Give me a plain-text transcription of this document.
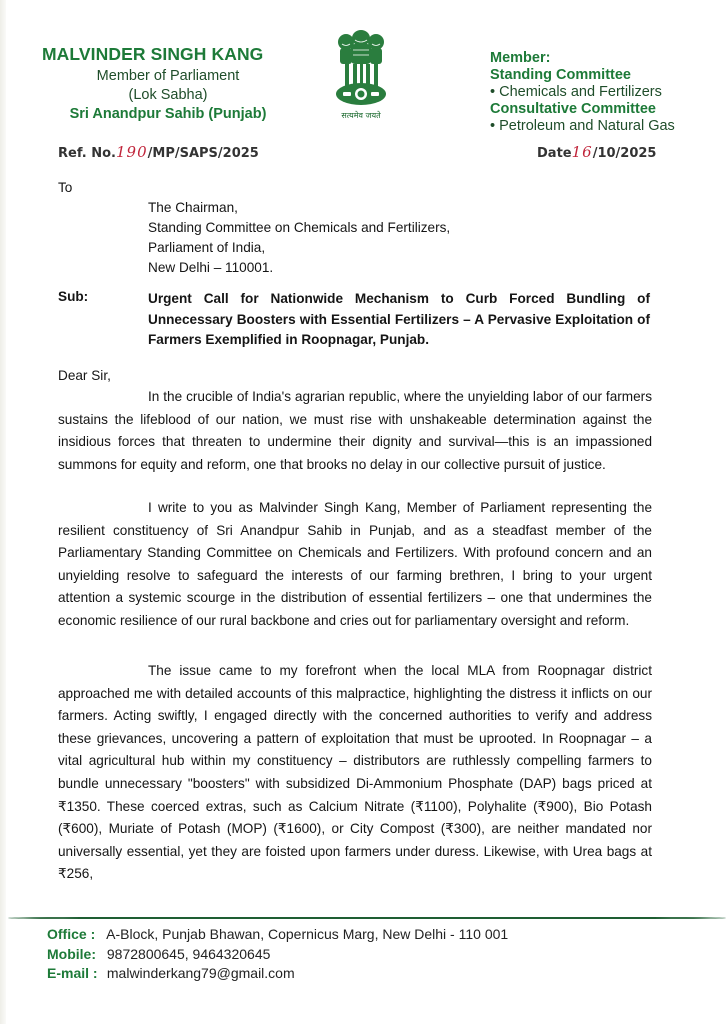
MALVINDER SINGH KANG
Member of Parliament
(Lok Sabha)
Sri Anandpur Sahib (Punjab)	सत्यमेव जयते
Member:
Standing Committee
• Chemicals and Fertilizers
Consultative Committee
• Petroleum and Natural Gas
Ref. No.190/MP/SAPS/2025	Date16/10/2025
To
The Chairman,
Standing Committee on Chemicals and Fertilizers,
Parliament of India,
New Delhi – 110001.
Sub:	Urgent Call for Nationwide Mechanism to Curb Forced Bundling of Unnecessary Boosters with Essential Fertilizers – A Pervasive Exploitation of Farmers Exemplified in Roopnagar, Punjab.
Dear Sir,
In the crucible of India's agrarian republic, where the unyielding labor of our farmers sustains the lifeblood of our nation, we must rise with unshakeable determination against the insidious forces that threaten to undermine their dignity and survival—this is an impassioned summons for equity and reform, one that brooks no delay in our collective pursuit of justice.
I write to you as Malvinder Singh Kang, Member of Parliament representing the resilient constituency of Sri Anandpur Sahib in Punjab, and as a steadfast member of the Parliamentary Standing Committee on Chemicals and Fertilizers. With profound concern and an unyielding resolve to safeguard the interests of our farming brethren, I bring to your urgent attention a systemic scourge in the distribution of essential fertilizers – one that undermines the economic resilience of our rural backbone and cries out for parliamentary oversight and reform.
The issue came to my forefront when the local MLA from Roopnagar district approached me with detailed accounts of this malpractice, highlighting the distress it inflicts on our farmers. Acting swiftly, I engaged directly with the concerned authorities to verify and address these grievances, uncovering a pattern of exploitation that must be uprooted. In Roopnagar – a vital agricultural hub within my constituency – distributors are ruthlessly compelling farmers to bundle unnecessary "boosters" with subsidized Di-Ammonium Phosphate (DAP) bags priced at ₹1350. These coerced extras, such as Calcium Nitrate (₹1100), Polyhalite (₹900), Bio Potash (₹600), Muriate of Potash (MOP) (₹1600), or City Compost (₹300), are neither mandated nor universally essential, yet they are foisted upon farmers under duress. Likewise, with Urea bags at ₹256,
Office : A-Block, Punjab Bhawan, Copernicus Marg, New Delhi - 110 001
Mobile: 9872800645, 9464320645
E-mail : malwinderkang79@gmail.com
